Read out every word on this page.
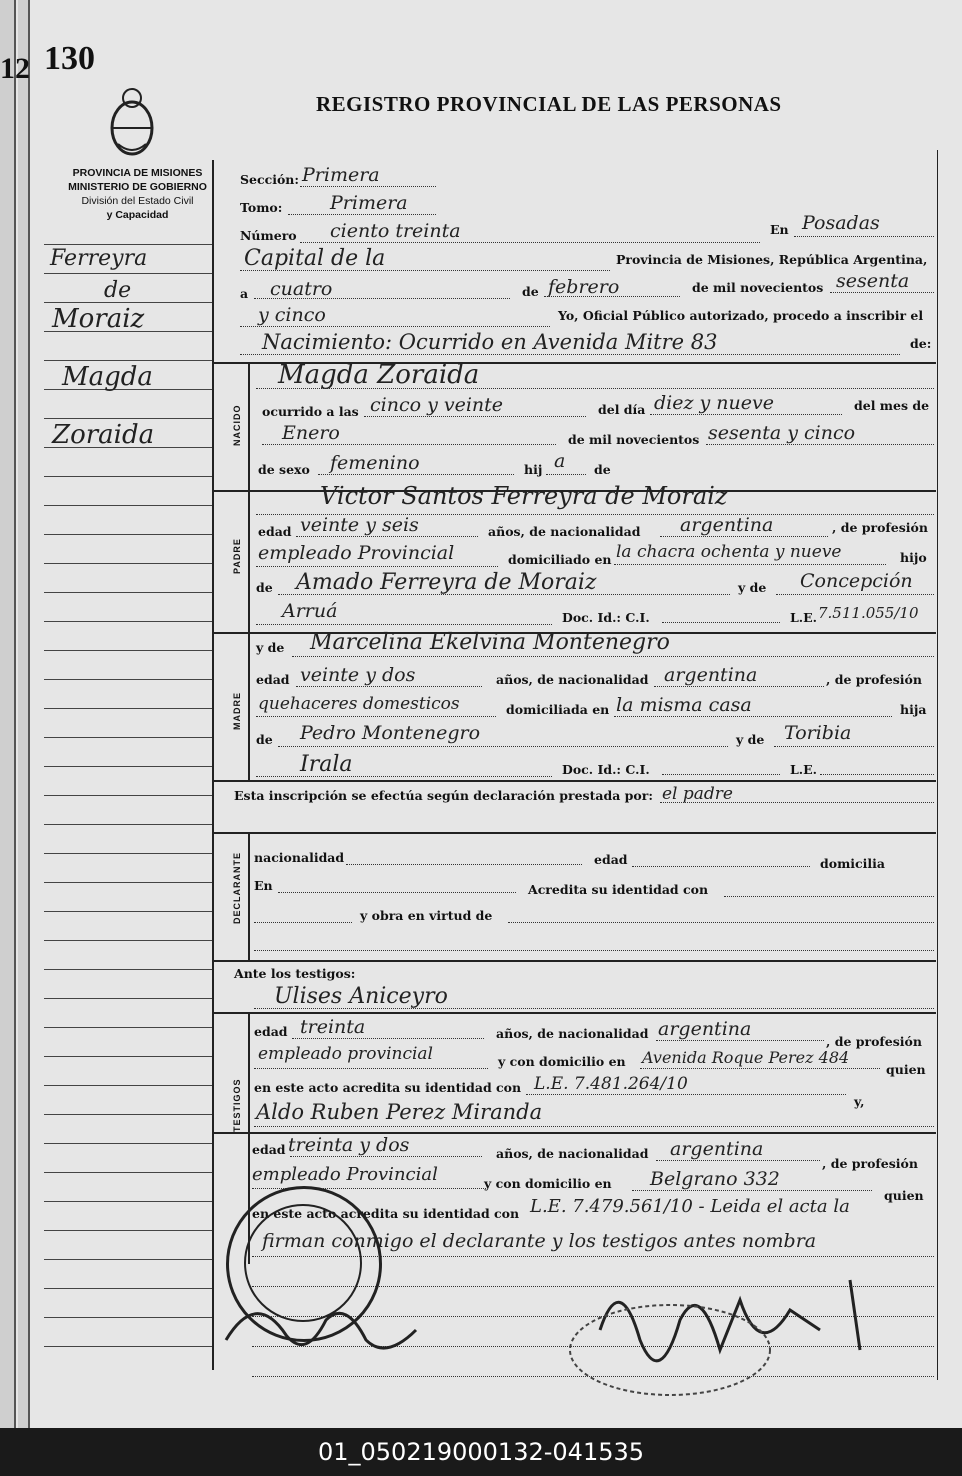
12 130
REGISTRO PROVINCIAL DE LAS PERSONAS
PROVINCIA DE MISIONES
MINISTERIO DE GOBIERNO
División del Estado Civil
y Capacidad
Ferreyra
de
Moraiz
Magda
Zoraida	NACIDO
PADRE
MADRE
DECLARANTE
TESTIGOS
Sección: Primera
Tomo:	Primera
Número ciento treinta	En Posadas
Capital de la	Provincia de Misiones, República Argentina,
a cuatro	de febrero	de mil novecientos sesenta
y cinco	Yo, Oficial Público autorizado, procedo a inscribir el
Nacimiento: Ocurrido en Avenida Mitre 83	de:
Magda Zoraida
ocurrido a las cinco y veinte	del día diez y nueve	del mes de
Enero	de mil novecientos sesenta y cinco
de sexo femenino	hij a de
Victor Santos Ferreyra de Moraiz
edad veinte y seis	años, de nacionalidad argentina	, de profesión
empleado Provincial	domiciliado en la chacra ochenta y nueve	hijo
de Amado Ferreyra de Moraiz	y de Concepción
Arruá	Doc. Id.: C.I.	L.E. 7.511.055/10
y de Marcelina Ekelvina Montenegro
edad veinte y dos	años, de nacionalidad argentina	, de profesión
quehaceres domesticos	domiciliada en la misma casa	hija
de Pedro Montenegro	y de Toribia
Irala	Doc. Id.: C.I.	L.E.
Esta inscripción se efectúa según declaración prestada por: el padre
nacionalidad	edad	domicilia
En	Acredita su identidad con
y obra en virtud de
Ante los testigos:
Ulises Aniceyro
edad treinta	años, de nacionalidad argentina
, de profesión
empleado provincial	y con domicilio en Avenida Roque Perez 484
quien
en este acto acredita su identidad con L.E. 7.481.264/10
y,
Aldo Ruben Perez Miranda
edad treinta y dos	años, de nacionalidad argentina
, de profesión
empleado Provincial	y con domicilio en Belgrano 332
quien
en este acto acredita su identidad con L.E. 7.479.561/10 - Leida el acta la
firman conmigo el declarante y los testigos antes nombra
01_050219000132-041535
